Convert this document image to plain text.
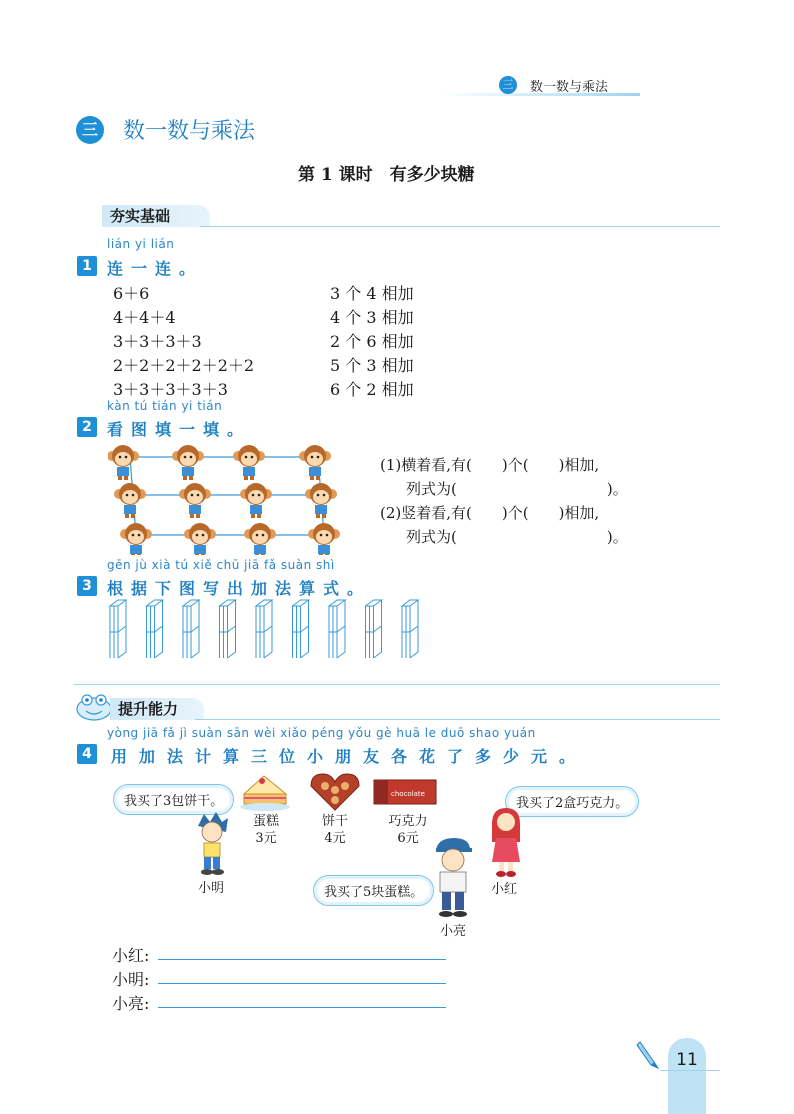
三 数一数与乘法
三 数一数与乘法
第 1 课时　有多少块糖
夯实基础
lián yi lián
1 连一连。
6＋6
4＋4＋4
3＋3＋3＋3
2＋2＋2＋2＋2＋2
3＋3＋3＋3＋3
3 个 4 相加
4 个 3 相加
2 个 6 相加
5 个 3 相加
6 个 2 相加
kàn tú tián yi tián
2 看图填一填。
(1)横着看,有(　　)个(　　)相加,
列式为(　　　　　　　　　　)。
(2)竖着看,有(　　)个(　　)相加,
列式为(　　　　　　　　　　)。
gēn jù xià tú xiě chū jiā fǎ suàn shì
3 根据下图写出加法算式。
提升能力
yòng jiā fǎ jì suàn sān wèi xiǎo péng yǒu gè huā le duō shao yuán
4	用加法计算三位小朋友各花了多少元。
我买了3包饼干。	我买了2盒巧克力。
我买了5块蛋糕。
chocolate
蛋糕
3元
饼干
4元
巧克力
6元
小明	小红
小亮
小红:
小明:
小亮:
11
